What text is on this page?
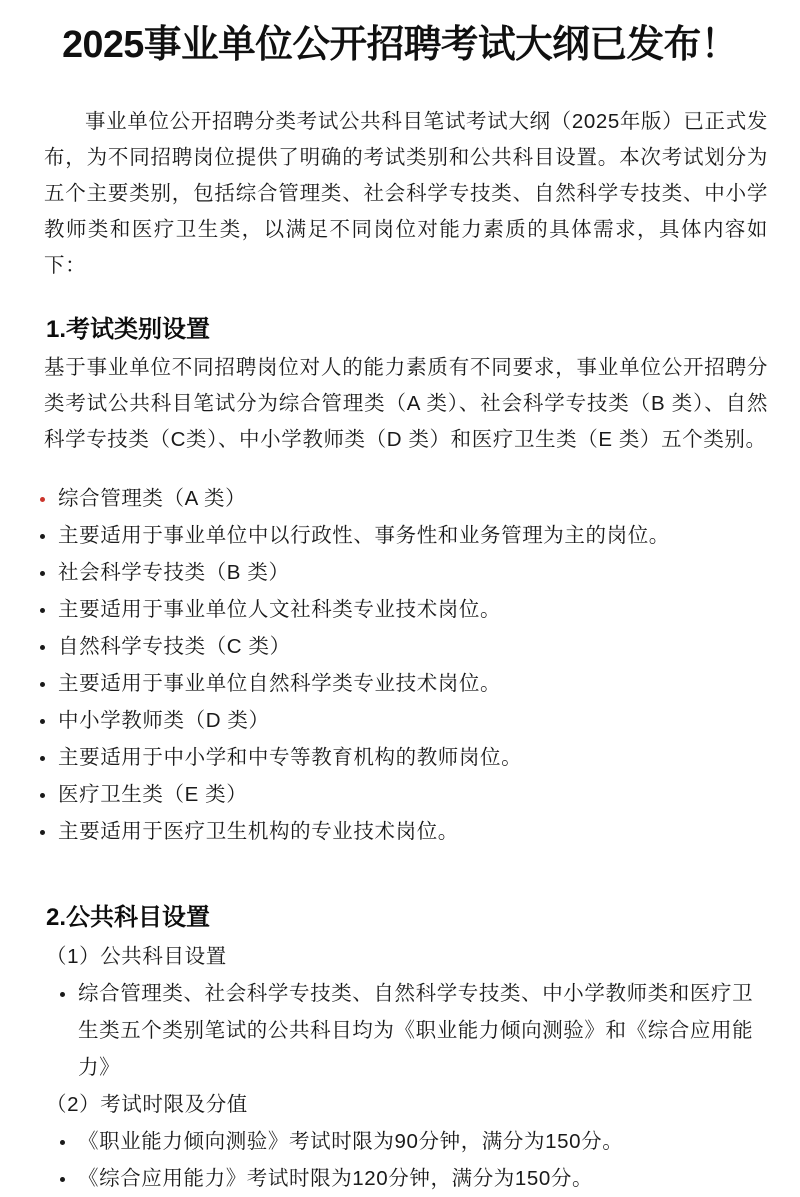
2025事业单位公开招聘考试大纲已发布！

事业单位公开招聘分类考试公共科目笔试考试大纲（2025年版）已正式发布，为不同招聘岗位提供了明确的考试类别和公共科目设置。本次考试划分为五个主要类别，包括综合管理类、社会科学专技类、自然科学专技类、中小学教师类和医疗卫生类，以满足不同岗位对能力素质的具体需求，具体内容如下：

1.考试类别设置

基于事业单位不同招聘岗位对人的能力素质有不同要求，事业单位公开招聘分类考试公共科目笔试分为综合管理类（A 类）、社会科学专技类（B 类）、自然科学专技类（C类）、中小学教师类（D 类）和医疗卫生类（E 类）五个类别。

综合管理类（A 类）
主要适用于事业单位中以行政性、事务性和业务管理为主的岗位。
社会科学专技类（B 类）
主要适用于事业单位人文社科类专业技术岗位。
自然科学专技类（C 类）
主要适用于事业单位自然科学类专业技术岗位。
中小学教师类（D 类）
主要适用于中小学和中专等教育机构的教师岗位。
医疗卫生类（E 类）
主要适用于医疗卫生机构的专业技术岗位。
2.公共科目设置

（1）公共科目设置

综合管理类、社会科学专技类、自然科学专技类、中小学教师类和医疗卫生类五个类别笔试的公共科目均为《职业能力倾向测验》和《综合应用能力》

（2）考试时限及分值

《职业能力倾向测验》考试时限为90分钟，满分为150分。
《综合应用能力》考试时限为120分钟，满分为150分。
